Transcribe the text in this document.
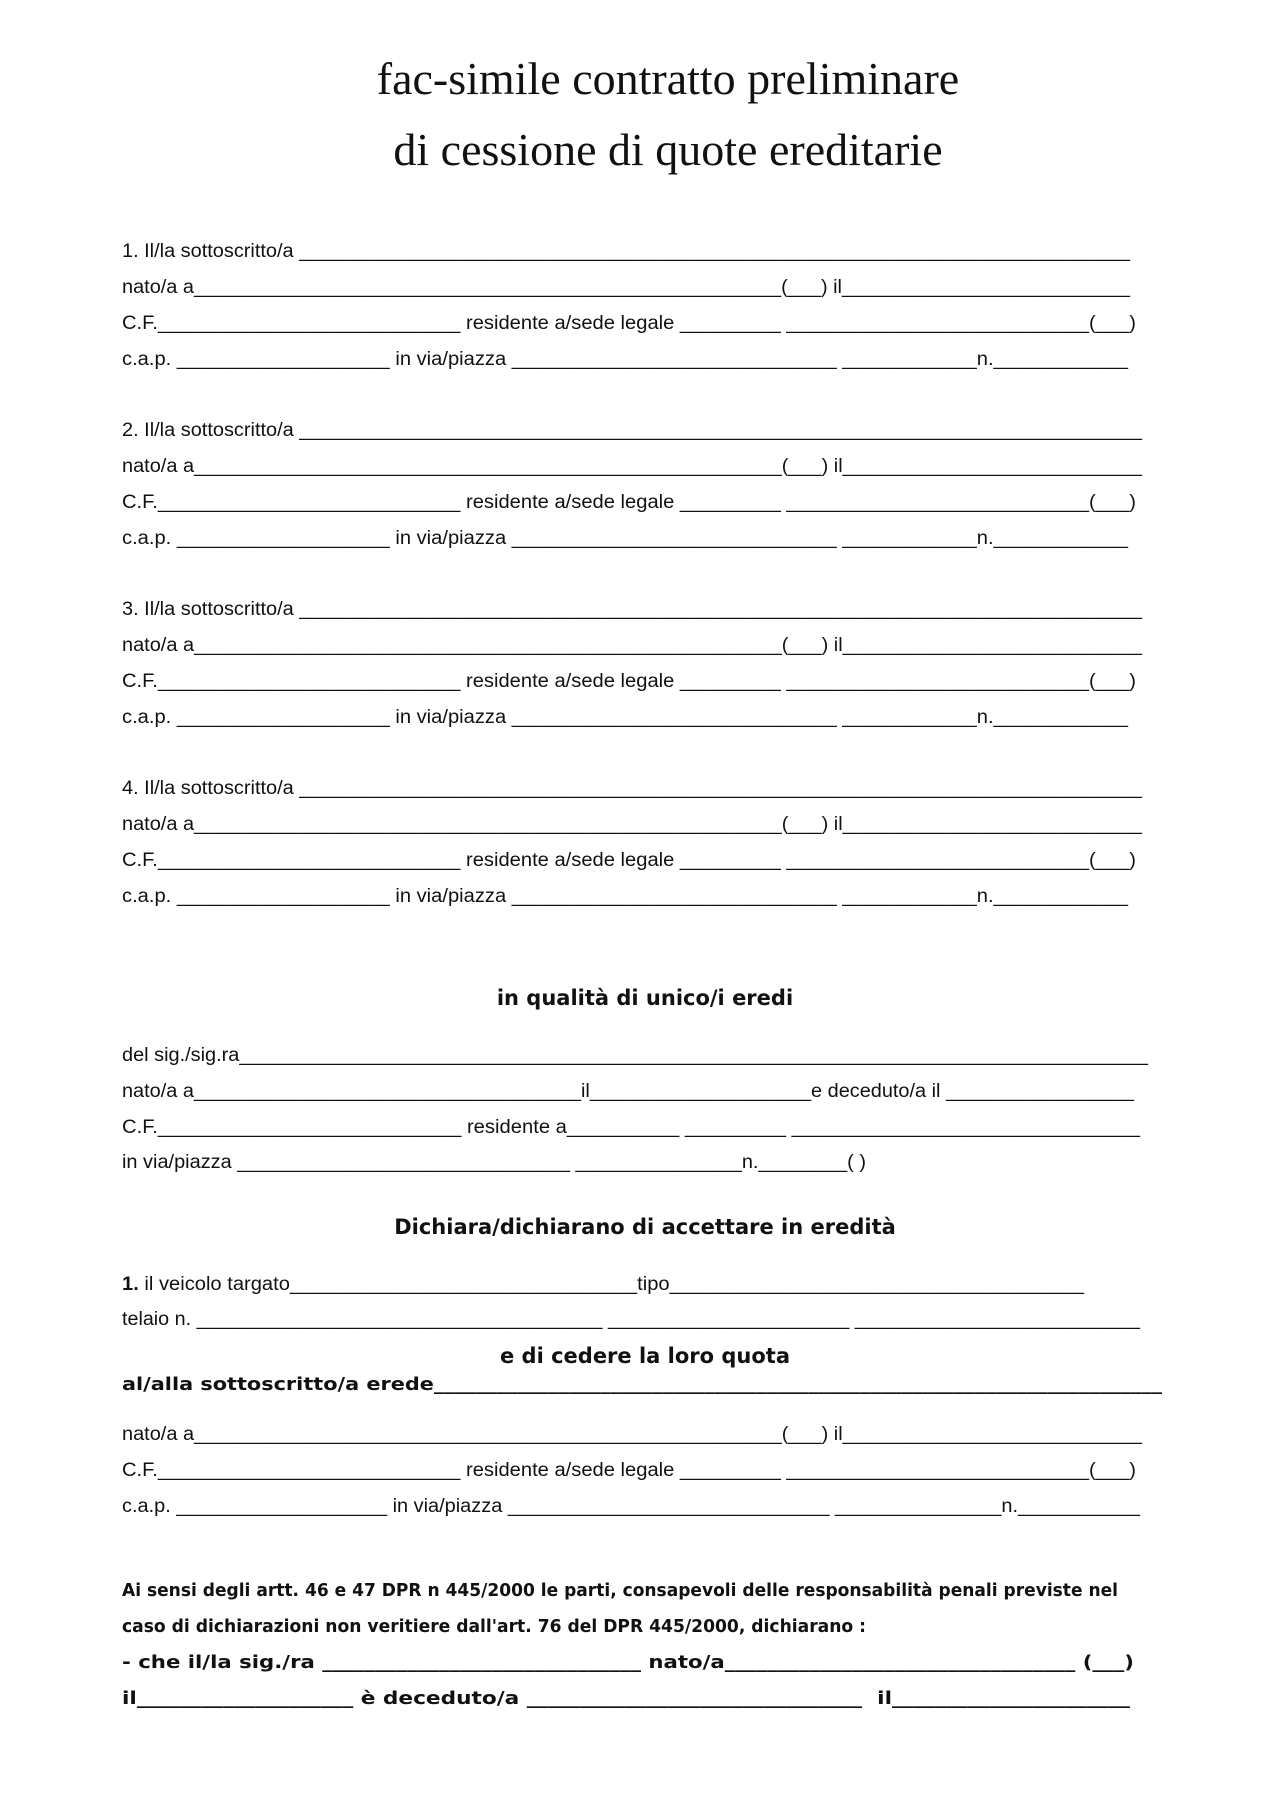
fac-simile contratto preliminare
di cessione di quote ereditarie
1. Il/la sottoscritto/a ___________________________________________________________________________
nato/a a_____________________________________________________(___) il__________________________
C.F.___________________________ residente a/sede legale _________ ___________________________(___)
c.a.p. ___________________ in via/piazza _____________________________ ____________n.____________
2. Il/la sottoscritto/a ____________________________________________________________________________
nato/a a_____________________________________________________(___) il___________________________
C.F.___________________________ residente a/sede legale _________ ___________________________(___)
c.a.p. ___________________ in via/piazza _____________________________ ____________n.____________
3. Il/la sottoscritto/a ____________________________________________________________________________
nato/a a_____________________________________________________(___) il___________________________
C.F.___________________________ residente a/sede legale _________ ___________________________(___)
c.a.p. ___________________ in via/piazza _____________________________ ____________n.____________
4. Il/la sottoscritto/a ____________________________________________________________________________
nato/a a_____________________________________________________(___) il___________________________
C.F.___________________________ residente a/sede legale _________ ___________________________(___)
c.a.p. ___________________ in via/piazza _____________________________ ____________n.____________
in qualità di unico/i eredi
del sig./sig.ra__________________________________________________________________________________
nato/a a___________________________________il____________________e deceduto/a il _________________
C.F.___________________________ residente a__________ _________ _______________________________
in via/piazza ______________________________ _______________n.________( )
Dichiara/dichiarano di accettare in eredità
1. il veicolo targato_______________________________tipo_____________________________________
telaio n. _____________________________________ ______________________ __________________________
e di cedere la loro quota
al/alla sottoscritto/a erede______________________________________________________________________
nato/a a_____________________________________________________(___) il___________________________
C.F.___________________________ residente a/sede legale _________ ___________________________(___)
c.a.p. ___________________ in via/piazza _____________________________ _______________n.___________
Ai sensi degli artt. 46 e 47 DPR n 445/2000 le parti, consapevoli delle responsabilità penali previste nel
caso di dichiarazioni non veritiere dall'art. 76 del DPR 445/2000, dichiarano :
- che il/la sig./ra ______________________________ nato/a_________________________________ (___)
il____________________ è deceduto/a _______________________________  il______________________
